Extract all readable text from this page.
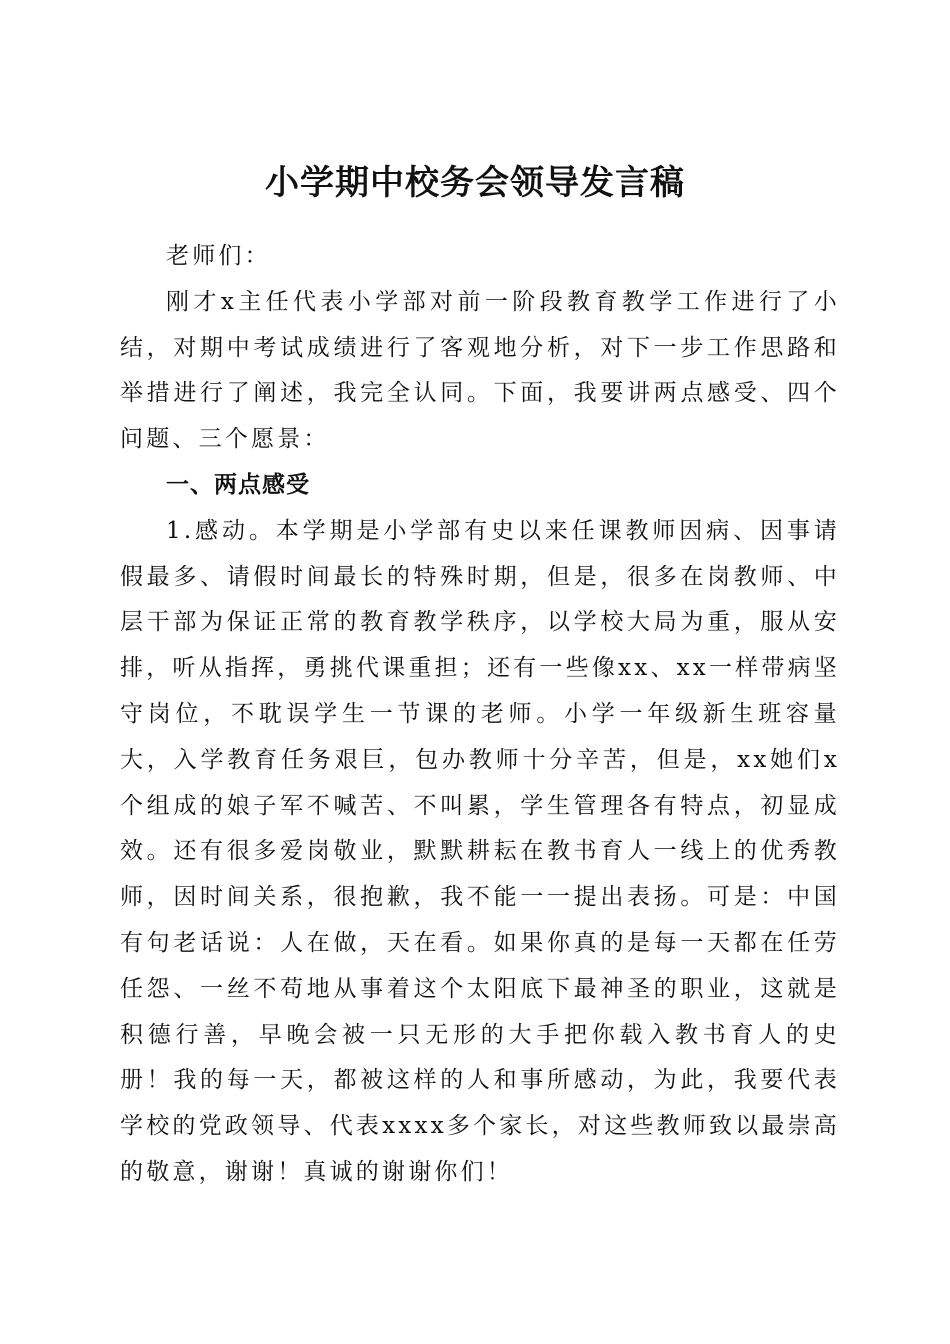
小学期中校务会领导发言稿

老师们：

刚才x主任代表小学部对前一阶段教育教学工作进行了小结，对期中考试成绩进行了客观地分析，对下一步工作思路和举措进行了阐述，我完全认同。下面，我要讲两点感受、四个问题、三个愿景：

一、两点感受

1.感动。本学期是小学部有史以来任课教师因病、因事请假最多、请假时间最长的特殊时期，但是，很多在岗教师、中层干部为保证正常的教育教学秩序，以学校大局为重，服从安排，听从指挥，勇挑代课重担；还有一些像xx、xx一样带病坚守岗位，不耽误学生一节课的老师。小学一年级新生班容量大，入学教育任务艰巨，包办教师十分辛苦，但是，xx她们x个组成的娘子军不喊苦、不叫累，学生管理各有特点，初显成效。还有很多爱岗敬业，默默耕耘在教书育人一线上的优秀教师，因时间关系，很抱歉，我不能一一提出表扬。可是：中国有句老话说：人在做，天在看。如果你真的是每一天都在任劳任怨、一丝不苟地从事着这个太阳底下最神圣的职业，这就是积德行善，早晚会被一只无形的大手把你载入教书育人的史册！我的每一天，都被这样的人和事所感动，为此，我要代表学校的党政领导、代表xxxx多个家长，对这些教师致以最崇高的敬意，谢谢！真诚的谢谢你们！
